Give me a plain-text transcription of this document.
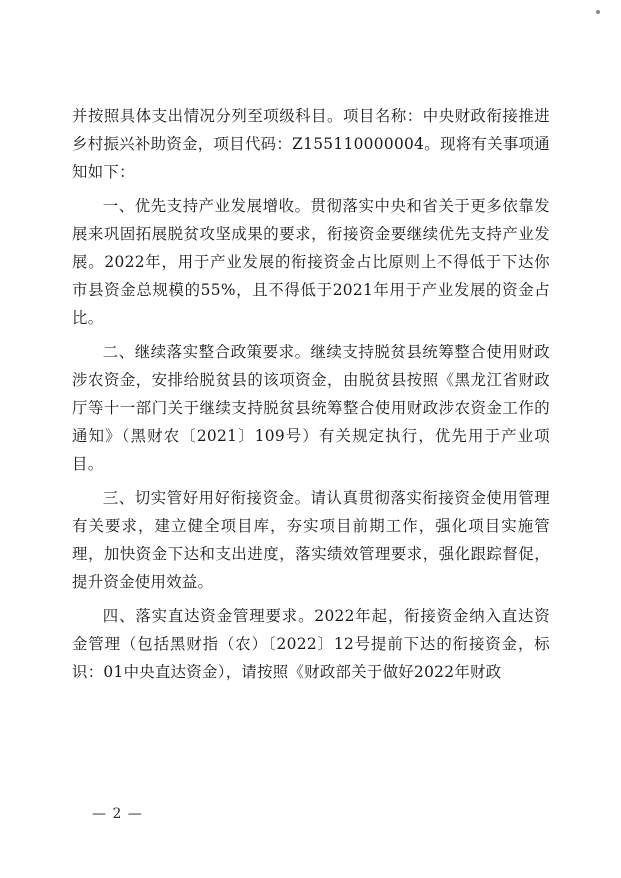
并按照具体支出情况分列至项级科目。项目名称：中央财政衔接推进乡村振兴补助资金，项目代码：Z155110000004。现将有关事项通知如下：

一、优先支持产业发展增收。贯彻落实中央和省关于更多依靠发展来巩固拓展脱贫攻坚成果的要求，衔接资金要继续优先支持产业发展。2022年，用于产业发展的衔接资金占比原则上不得低于下达你市县资金总规模的55%，且不得低于2021年用于产业发展的资金占比。

二、继续落实整合政策要求。继续支持脱贫县统筹整合使用财政涉农资金，安排给脱贫县的该项资金，由脱贫县按照《黑龙江省财政厅等十一部门关于继续支持脱贫县统筹整合使用财政涉农资金工作的通知》（黑财农〔2021〕109号）有关规定执行，优先用于产业项目。

三、切实管好用好衔接资金。请认真贯彻落实衔接资金使用管理有关要求，建立健全项目库，夯实项目前期工作，强化项目实施管理，加快资金下达和支出进度，落实绩效管理要求，强化跟踪督促，提升资金使用效益。

四、落实直达资金管理要求。2022年起，衔接资金纳入直达资金管理（包括黑财指（农）〔2022〕12号提前下达的衔接资金，标识：01中央直达资金），请按照《财政部关于做好2022年财政

— 2 —
